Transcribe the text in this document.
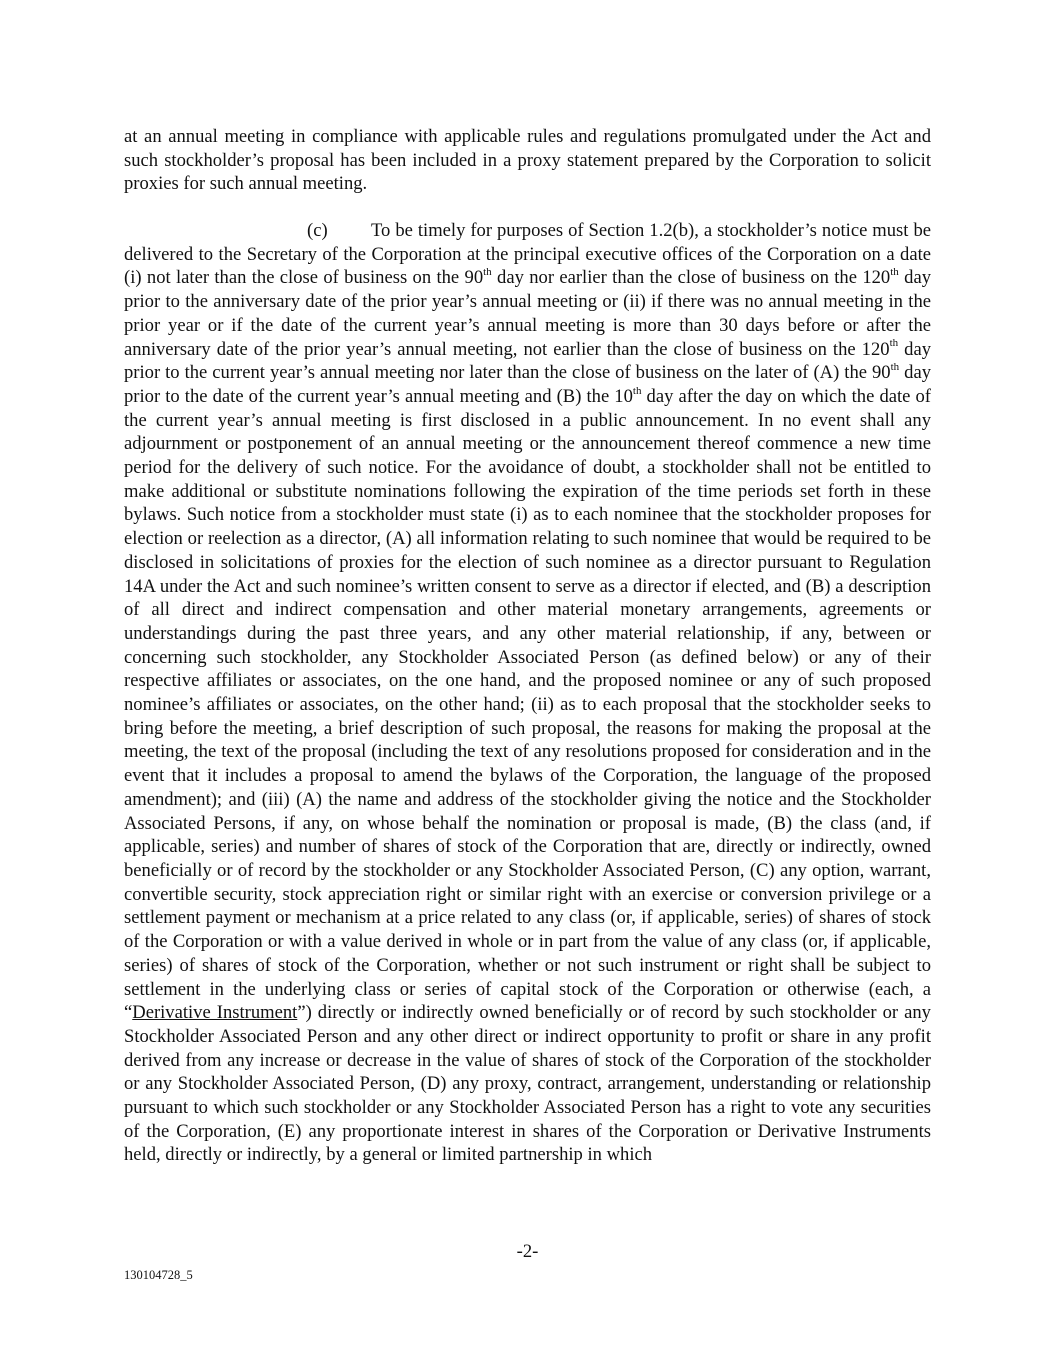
at an annual meeting in compliance with applicable rules and regulations promulgated under the Act and such stockholder’s proposal has been included in a proxy statement prepared by the Corporation to solicit proxies for such annual meeting.

(c) To be timely for purposes of Section 1.2(b), a stockholder’s notice must be delivered to the Secretary of the Corporation at the principal executive offices of the Corporation on a date (i) not later than the close of business on the 90th day nor earlier than the close of business on the 120th day prior to the anniversary date of the prior year’s annual meeting or (ii) if there was no annual meeting in the prior year or if the date of the current year’s annual meeting is more than 30 days before or after the anniversary date of the prior year’s annual meeting, not earlier than the close of business on the 120th day prior to the current year’s annual meeting nor later than the close of business on the later of (A) the 90th day prior to the date of the current year’s annual meeting and (B) the 10th day after the day on which the date of the current year’s annual meeting is first disclosed in a public announcement. In no event shall any adjournment or postponement of an annual meeting or the announcement thereof commence a new time period for the delivery of such notice. For the avoidance of doubt, a stockholder shall not be entitled to make additional or substitute nominations following the expiration of the time periods set forth in these bylaws. Such notice from a stockholder must state (i) as to each nominee that the stockholder proposes for election or reelection as a director, (A) all information relating to such nominee that would be required to be disclosed in solicitations of proxies for the election of such nominee as a director pursuant to Regulation 14A under the Act and such nominee’s written consent to serve as a director if elected, and (B) a description of all direct and indirect compensation and other material monetary arrangements, agreements or understandings during the past three years, and any other material relationship, if any, between or concerning such stockholder, any Stockholder Associated Person (as defined below) or any of their respective affiliates or associates, on the one hand, and the proposed nominee or any of such proposed nominee’s affiliates or associates, on the other hand; (ii) as to each proposal that the stockholder seeks to bring before the meeting, a brief description of such proposal, the reasons for making the proposal at the meeting, the text of the proposal (including the text of any resolutions proposed for consideration and in the event that it includes a proposal to amend the bylaws of the Corporation, the language of the proposed amendment); and (iii) (A) the name and address of the stockholder giving the notice and the Stockholder Associated Persons, if any, on whose behalf the nomination or proposal is made, (B) the class (and, if applicable, series) and number of shares of stock of the Corporation that are, directly or indirectly, owned beneficially or of record by the stockholder or any Stockholder Associated Person, (C) any option, warrant, convertible security, stock appreciation right or similar right with an exercise or conversion privilege or a settlement payment or mechanism at a price related to any class (or, if applicable, series) of shares of stock of the Corporation or with a value derived in whole or in part from the value of any class (or, if applicable, series) of shares of stock of the Corporation, whether or not such instrument or right shall be subject to settlement in the underlying class or series of capital stock of the Corporation or otherwise (each, a “Derivative Instrument”) directly or indirectly owned beneficially or of record by such stockholder or any Stockholder Associated Person and any other direct or indirect opportunity to profit or share in any profit derived from any increase or decrease in the value of shares of stock of the Corporation of the stockholder or any Stockholder Associated Person, (D) any proxy, contract, arrangement, understanding or relationship pursuant to which such stockholder or any Stockholder Associated Person has a right to vote any securities of the Corporation, (E) any proportionate interest in shares of the Corporation or Derivative Instruments held, directly or indirectly, by a general or limited partnership in which

-2-
130104728_5
